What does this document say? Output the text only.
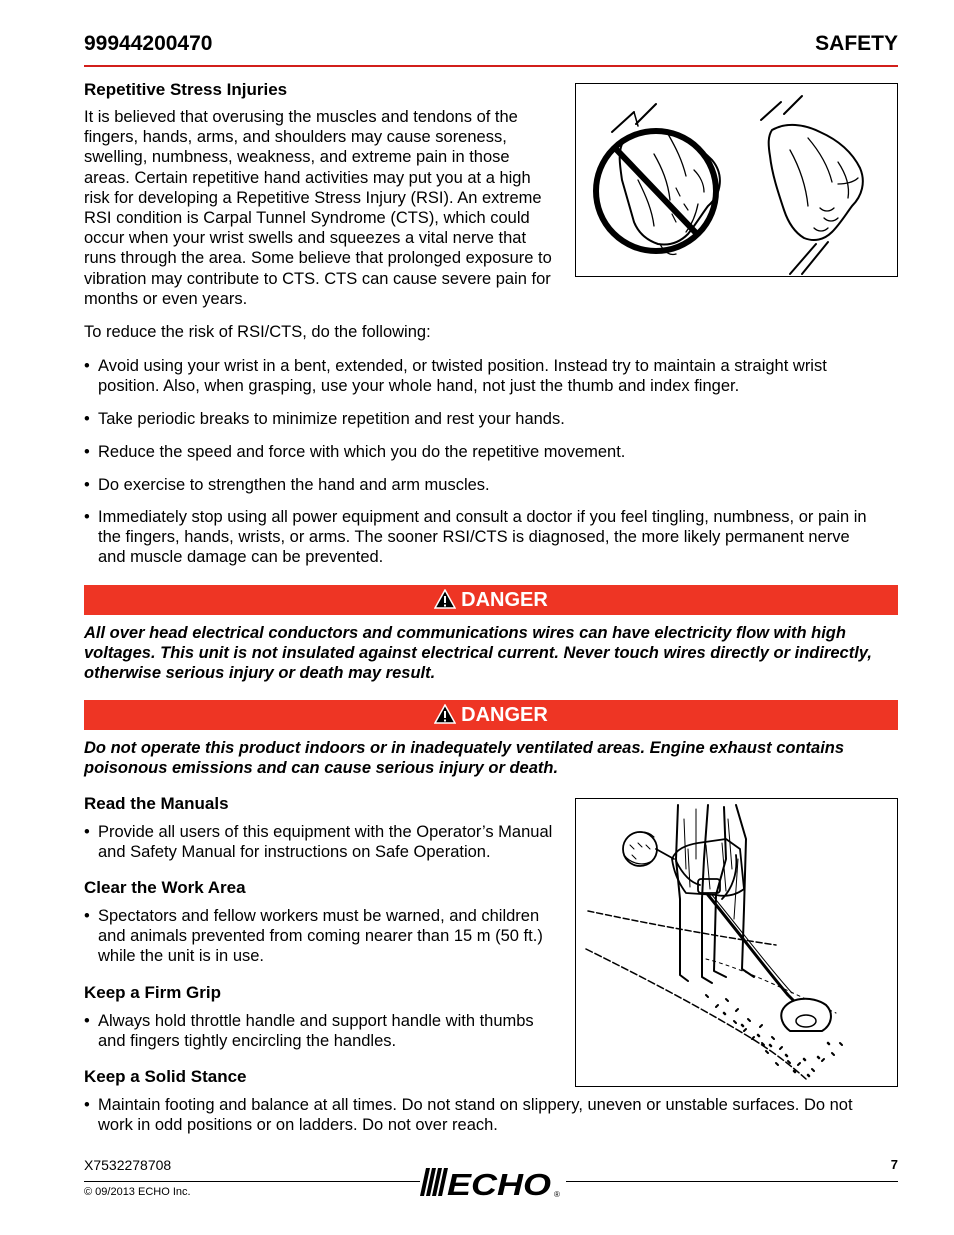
99944200470	SAFETY
Repetitive Stress Injuries
It is believed that overusing the muscles and tendons of the
fingers, hands, arms, and shoulders may cause soreness,
swelling, numbness, weakness, and extreme pain in those
areas. Certain repetitive hand activities may put you at a high
risk for developing a Repetitive Stress Injury (RSI). An extreme
RSI condition is Carpal Tunnel Syndrome (CTS), which could
occur when your wrist swells and squeezes a vital nerve that
runs through the area. Some believe that prolonged exposure to
vibration may contribute to CTS. CTS can cause severe pain for
months or even years.
To reduce the risk of RSI/CTS, do the following:
• Avoid using your wrist in a bent, extended, or twisted position. Instead try to maintain a straight wrist
position. Also, when grasping, use your whole hand, not just the thumb and index finger.
• Take periodic breaks to minimize repetition and rest your hands.
• Reduce the speed and force with which you do the repetitive movement.
• Do exercise to strengthen the hand and arm muscles.
• Immediately stop using all power equipment and consult a doctor if you feel tingling, numbness, or pain in
the fingers, hands, wrists, or arms. The sooner RSI/CTS is diagnosed, the more likely permanent nerve
and muscle damage can be prevented.
DANGER
All over head electrical conductors and communications wires can have electricity flow with high
voltages. This unit is not insulated against electrical current. Never touch wires directly or indirectly,
otherwise serious injury or death may result.
DANGER
Do not operate this product indoors or in inadequately ventilated areas. Engine exhaust contains
poisonous emissions and can cause serious injury or death.
Read the Manuals
• Provide all users of this equipment with the Operator’s Manual
and Safety Manual for instructions on Safe Operation.
Clear the Work Area
• Spectators and fellow workers must be warned, and children
and animals prevented from coming nearer than 15 m (50 ft.)
while the unit is in use.
Keep a Firm Grip
• Always hold throttle handle and support handle with thumbs
and fingers tightly encircling the handles.
Keep a Solid Stance
• Maintain footing and balance at all times. Do not stand on slippery, uneven or unstable surfaces. Do not
work in odd positions or on ladders. Do not over reach.
X7532278708	7
© 09/2013 ECHO Inc.	ECHO ®
